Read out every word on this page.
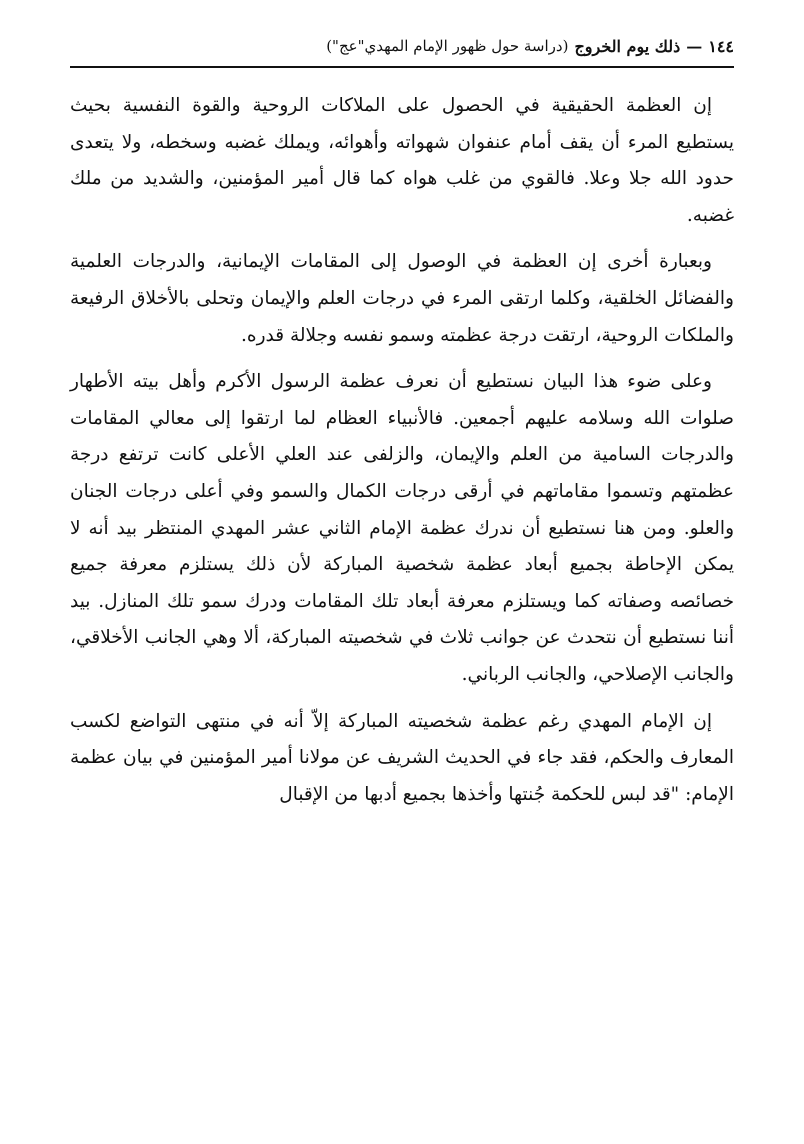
١٤٤
—
ذلك يوم الخروج
(دراسة حول ظهور الإمام المهدي"عج")

إن العظمة الحقيقية في الحصول على الملاكات الروحية والقوة النفسية بحيث يستطيع المرء أن يقف أمام عنفوان شهواته وأهوائه، ويملك غضبه وسخطه، ولا يتعدى حدود الله جلا وعلا. فالقوي من غلب هواه كما قال أمير المؤمنين، والشديد من ملك غضبه.

وبعبارة أخرى إن العظمة في الوصول إلى المقامات الإيمانية، والدرجات العلمية والفضائل الخلقية، وكلما ارتقى المرء في درجات العلم والإيمان وتحلى بالأخلاق الرفيعة والملكات الروحية، ارتقت درجة عظمته وسمو نفسه وجلالة قدره.

وعلى ضوء هذا البيان نستطيع أن نعرف عظمة الرسول الأكرم وأهل بيته الأطهار صلوات الله وسلامه عليهم أجمعين. فالأنبياء العظام لما ارتقوا إلى معالي المقامات والدرجات السامية من العلم والإيمان، والزلفى عند العلي الأعلى كانت ترتفع درجة عظمتهم وتسموا مقاماتهم في أرقى درجات الكمال والسمو وفي أعلى درجات الجنان والعلو. ومن هنا نستطيع أن ندرك عظمة الإمام الثاني عشر المهدي المنتظر بيد أنه لا يمكن الإحاطة بجميع أبعاد عظمة شخصية المباركة لأن ذلك يستلزم معرفة جميع خصائصه وصفاته كما ويستلزم معرفة أبعاد تلك المقامات ودرك سمو تلك المنازل. بيد أننا نستطيع أن نتحدث عن جوانب ثلاث في شخصيته المباركة، ألا وهي الجانب الأخلاقي، والجانب الإصلاحي، والجانب الرباني.

إن الإمام المهدي رغم عظمة شخصيته المباركة إلاّ أنه في منتهى التواضع لكسب المعارف والحكم، فقد جاء في الحديث الشريف عن مولانا أمير المؤمنين في بيان عظمة الإمام: "قد لبس للحكمة جُنتها وأخذها بجميع أدبها من الإقبال
